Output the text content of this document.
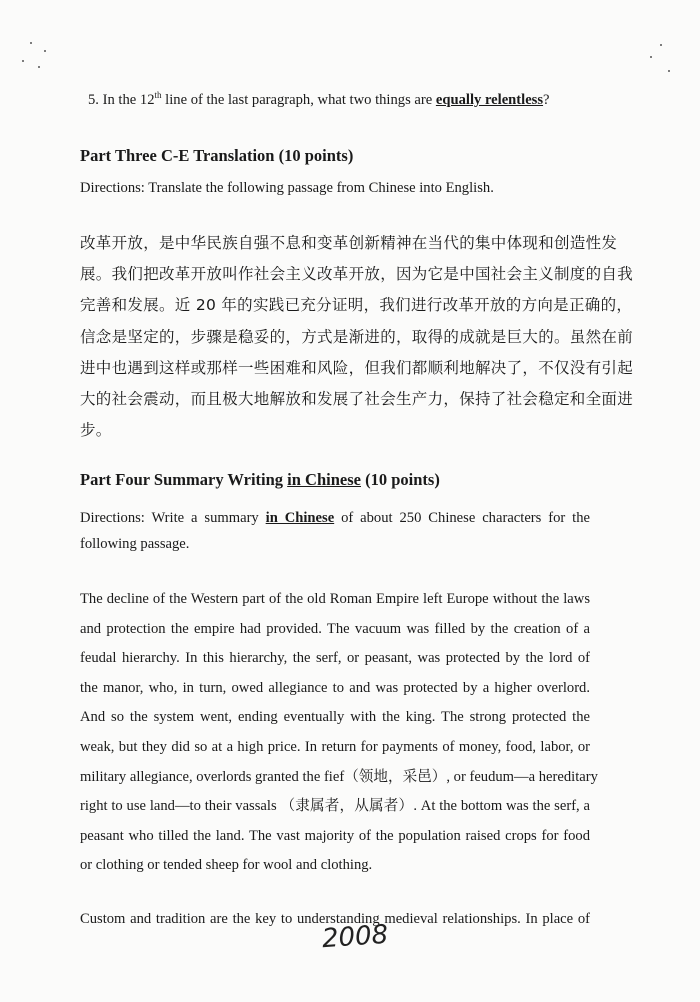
5. In the 12th line of the last paragraph, what two things are equally relentless?
Part Three C-E Translation (10 points)
Directions: Translate the following passage from Chinese into English.
改革开放，是中华民族自强不息和变革创新精神在当代的集中体现和创造性发
展。我们把改革开放叫作社会主义改革开放，因为它是中国社会主义制度的自我
完善和发展。近 20 年的实践已充分证明，我们进行改革开放的方向是正确的，
信念是坚定的，步骤是稳妥的，方式是渐进的，取得的成就是巨大的。虽然在前
进中也遇到这样或那样一些困难和风险，但我们都顺利地解决了，不仅没有引起
大的社会震动，而且极大地解放和发展了社会生产力，保持了社会稳定和全面进
步。
Part Four Summary Writing in Chinese (10 points)
Directions: Write a summary in Chinese of about 250 Chinese characters for the
following passage.
The decline of the Western part of the old Roman Empire left Europe without the laws
and protection the empire had provided. The vacuum was filled by the creation of a
feudal hierarchy. In this hierarchy, the serf, or peasant, was protected by the lord of
the manor, who, in turn, owed allegiance to and was protected by a higher overlord.
And so the system went, ending eventually with the king. The strong protected the
weak, but they did so at a high price. In return for payments of money, food, labor, or
military allegiance, overlords granted the fief（领地，采邑）, or feudum—a hereditary
right to use land—to their vassals （隶属者，从属者）. At the bottom was the serf, a
peasant who tilled the land. The vast majority of the population raised crops for food
or clothing or tended sheep for wool and clothing.
Custom and tradition are the key to understanding medieval relationships. In place of
2008
